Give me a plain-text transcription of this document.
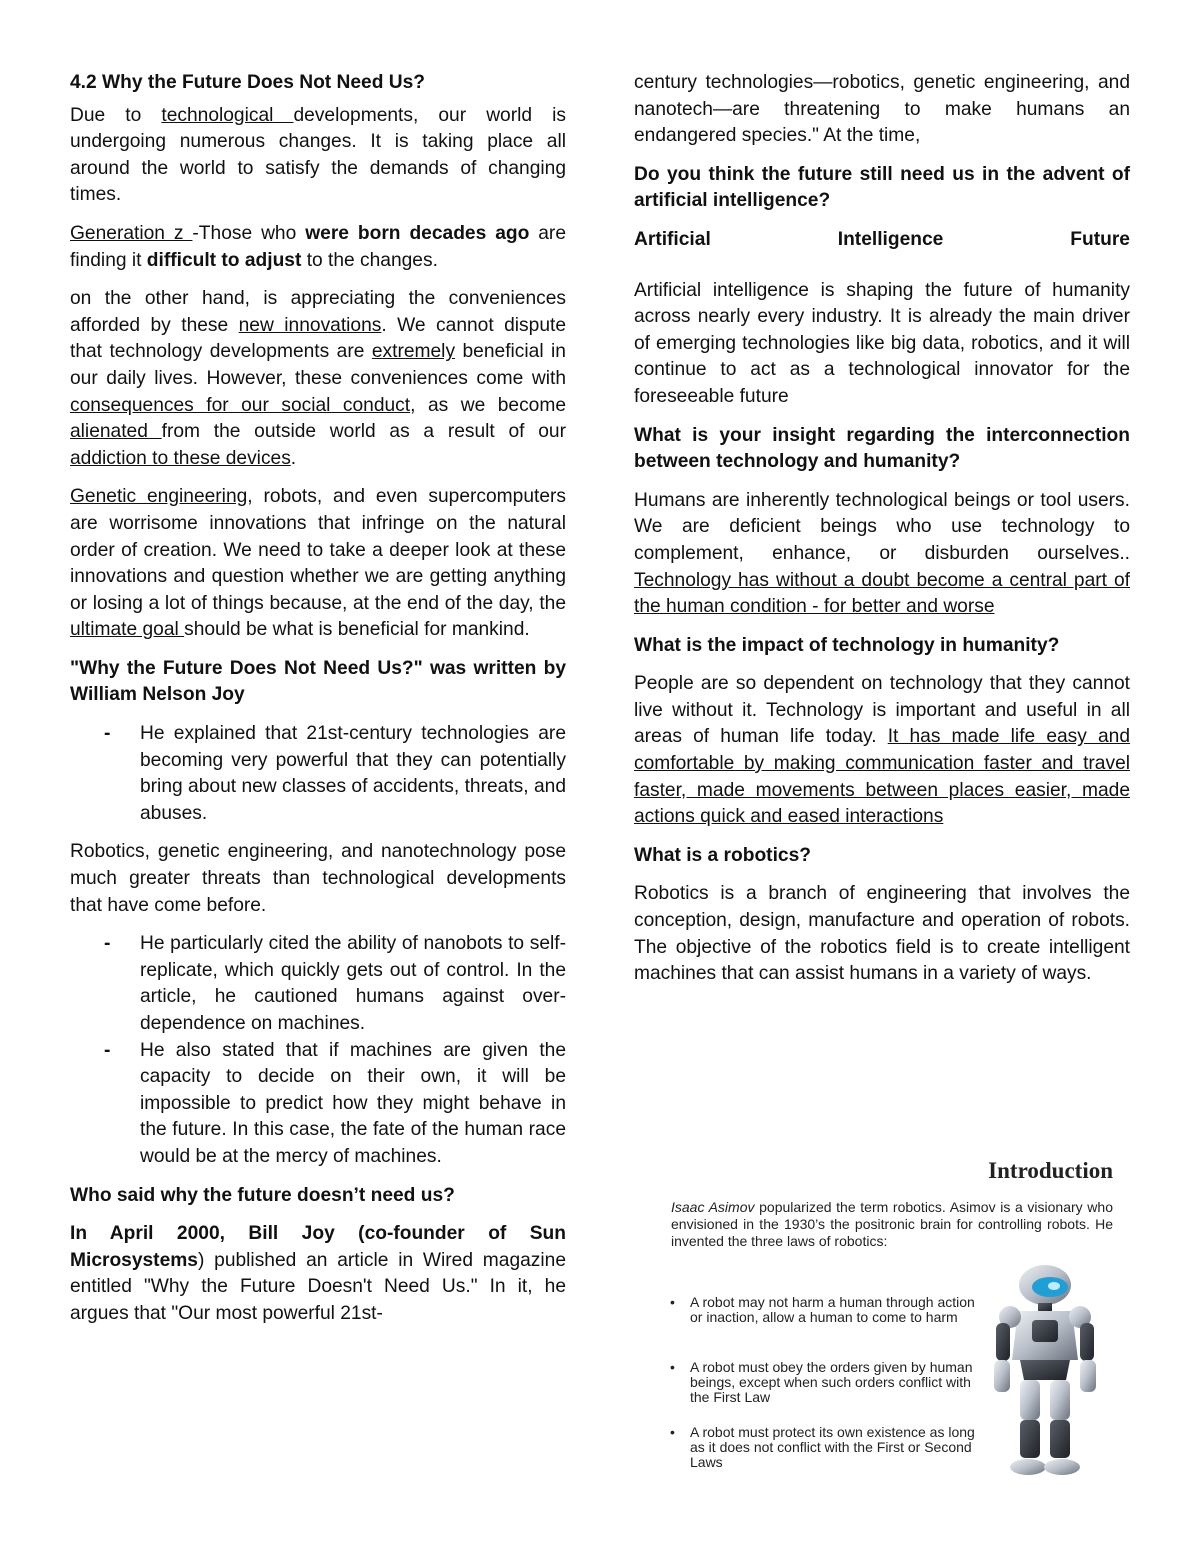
4.2 Why the Future Does Not Need Us?

Due to technological developments, our world is undergoing numerous changes. It is taking place all around the world to satisfy the demands of changing times.

Generation z -Those who were born decades ago are finding it difficult to adjust to the changes.

on the other hand, is appreciating the conveniences afforded by these new innovations. We cannot dispute that technology developments are extremely beneficial in our daily lives. However, these conveniences come with consequences for our social conduct, as we become alienated from the outside world as a result of our addiction to these devices.

Genetic engineering, robots, and even supercomputers are worrisome innovations that infringe on the natural order of creation. We need to take a deeper look at these innovations and question whether we are getting anything or losing a lot of things because, at the end of the day, the ultimate goal should be what is beneficial for mankind.

"Why the Future Does Not Need Us?" was written by William Nelson Joy

- He explained that 21st-century technologies are becoming very powerful that they can potentially bring about new classes of accidents, threats, and abuses.

Robotics, genetic engineering, and nanotechnology pose much greater threats than technological developments that have come before.

- He particularly cited the ability of nanobots to self-replicate, which quickly gets out of control. In the article, he cautioned humans against over-dependence on machines.
- He also stated that if machines are given the capacity to decide on their own, it will be impossible to predict how they might behave in the future. In this case, the fate of the human race would be at the mercy of machines.

Who said why the future doesn’t need us?

In April 2000, Bill Joy (co-founder of Sun Microsystems) published an article in Wired magazine entitled "Why the Future Doesn't Need Us." In it, he argues that "Our most powerful 21st-

century technologies—robotics, genetic engineering, and nanotech—are threatening to make humans an endangered species." At the time,

Do you think the future still need us in the advent of artificial intelligence?

Artificial	Intelligence	Future

Artificial intelligence is shaping the future of humanity across nearly every industry. It is already the main driver of emerging technologies like big data, robotics, and it will continue to act as a technological innovator for the foreseeable future

What is your insight regarding the interconnection between technology and humanity?

Humans are inherently technological beings or tool users. We are deficient beings who use technology to complement, enhance, or disburden ourselves.. Technology has without a doubt become a central part of the human condition - for better and worse

What is the impact of technology in humanity?

People are so dependent on technology that they cannot live without it. Technology is important and useful in all areas of human life today. It has made life easy and comfortable by making communication faster and travel faster, made movements between places easier, made actions quick and eased interactions

What is a robotics?

Robotics is a branch of engineering that involves the conception, design, manufacture and operation of robots. The objective of the robotics field is to create intelligent machines that can assist humans in a variety of ways.

Introduction

Isaac Asimov popularized the term robotics. Asimov is a visionary who envisioned in the 1930’s the positronic brain for controlling robots. He invented the three laws of robotics:

• A robot may not harm a human through action or inaction, allow a human to come to harm
• A robot must obey the orders given by human beings, except when such orders conflict with the First Law
• A robot must protect its own existence as long as it does not conflict with the First or Second Laws
